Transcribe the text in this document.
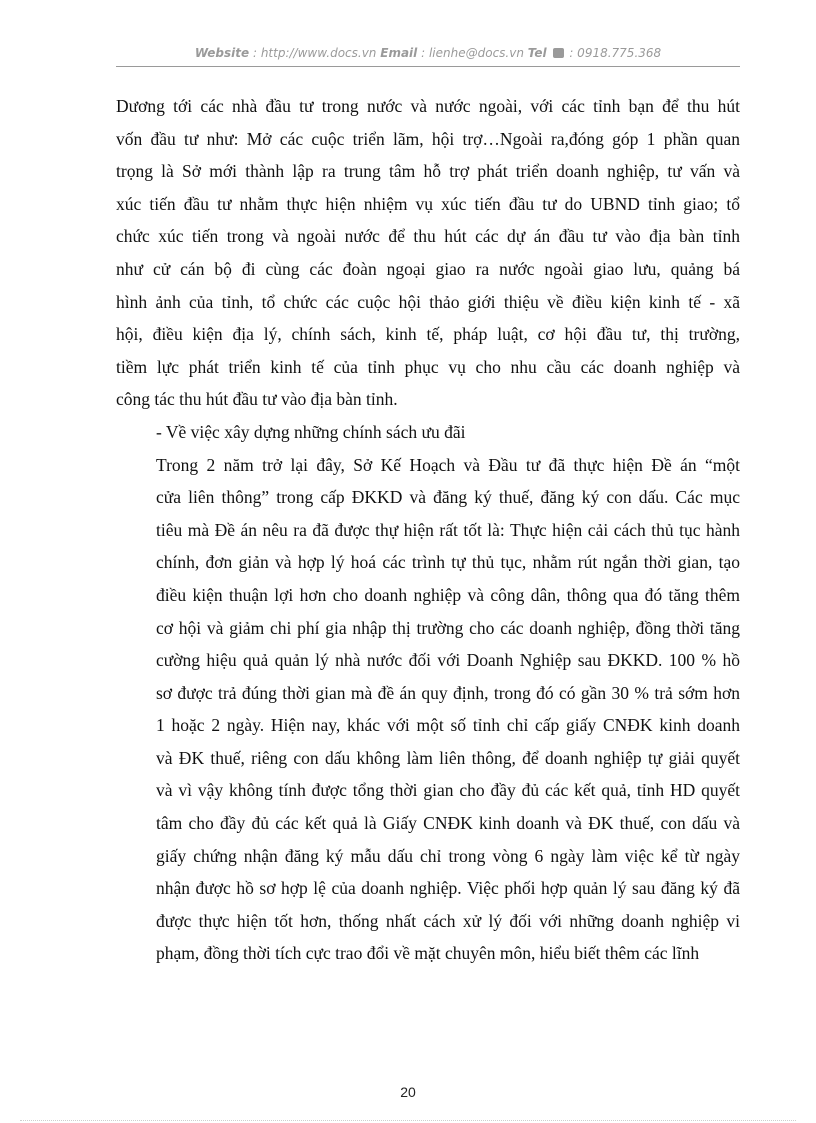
Website : http://www.docs.vn Email : lienhe@docs.vn Tel : 0918.775.368

Dương tới các nhà đầu tư trong nước và nước ngoài, với các tỉnh bạn để thu hút
vốn đầu tư như: Mở các cuộc triển lãm, hội trợ…Ngoài ra,đóng góp 1 phần quan
trọng là Sở mới thành lập ra trung tâm hỗ trợ phát triển doanh nghiệp, tư vấn và
xúc tiến đầu tư nhằm thực hiện nhiệm vụ xúc tiến đầu tư do UBND tỉnh giao; tổ
chức xúc tiến trong và ngoài nước để thu hút các dự án đầu tư vào địa bàn tỉnh
như cử cán bộ đi cùng các đoàn ngoại giao ra nước ngoài giao lưu, quảng bá
hình ảnh của tỉnh, tổ chức các cuộc hội thảo giới thiệu về điều kiện kinh tế - xã
hội, điều kiện địa lý, chính sách, kinh tế, pháp luật, cơ hội đầu tư, thị trường,
tiềm lực phát triển kinh tế của tỉnh phục vụ cho nhu cầu các doanh nghiệp và
công tác thu hút đầu tư vào địa bàn tỉnh.

- Về việc xây dựng những chính sách ưu đãi

Trong 2 năm trở lại đây, Sở Kế Hoạch và Đầu tư đã thực hiện Đề án “một
cửa liên thông” trong cấp ĐKKD và đăng ký thuế, đăng ký con dấu. Các mục
tiêu mà Đề án nêu ra đã được thự hiện rất tốt là: Thực hiện cải cách thủ tục hành
chính, đơn giản và hợp lý hoá các trình tự thủ tục, nhằm rút ngắn thời gian, tạo
điều kiện thuận lợi hơn cho doanh nghiệp và công dân, thông qua đó tăng thêm
cơ hội và giảm chi phí gia nhập thị trường cho các doanh nghiệp, đồng thời tăng
cường hiệu quả quản lý nhà nước đối với Doanh Nghiệp sau ĐKKD. 100 % hồ
sơ được trả đúng thời gian mà đề án quy định, trong đó có gần 30 % trả sớm hơn
1 hoặc 2 ngày. Hiện nay, khác với một số tỉnh chỉ cấp giấy CNĐK kinh doanh
và ĐK thuế, riêng con dấu không làm liên thông, để doanh nghiệp tự giải quyết
và vì vậy không tính được tổng thời gian cho đầy đủ các kết quả, tỉnh HD quyết
tâm cho đầy đủ các kết quả là Giấy CNĐK kinh doanh và ĐK thuế, con dấu và
giấy chứng nhận đăng ký mẫu dấu chỉ trong vòng 6 ngày làm việc kể từ ngày
nhận được hồ sơ hợp lệ của doanh nghiệp. Việc phối hợp quản lý sau đăng ký đã
được thực hiện tốt hơn, thống nhất cách xử lý đối với những doanh nghiệp vi
phạm, đồng thời tích cực trao đổi về mặt chuyên môn, hiểu biết thêm các lĩnh

20
